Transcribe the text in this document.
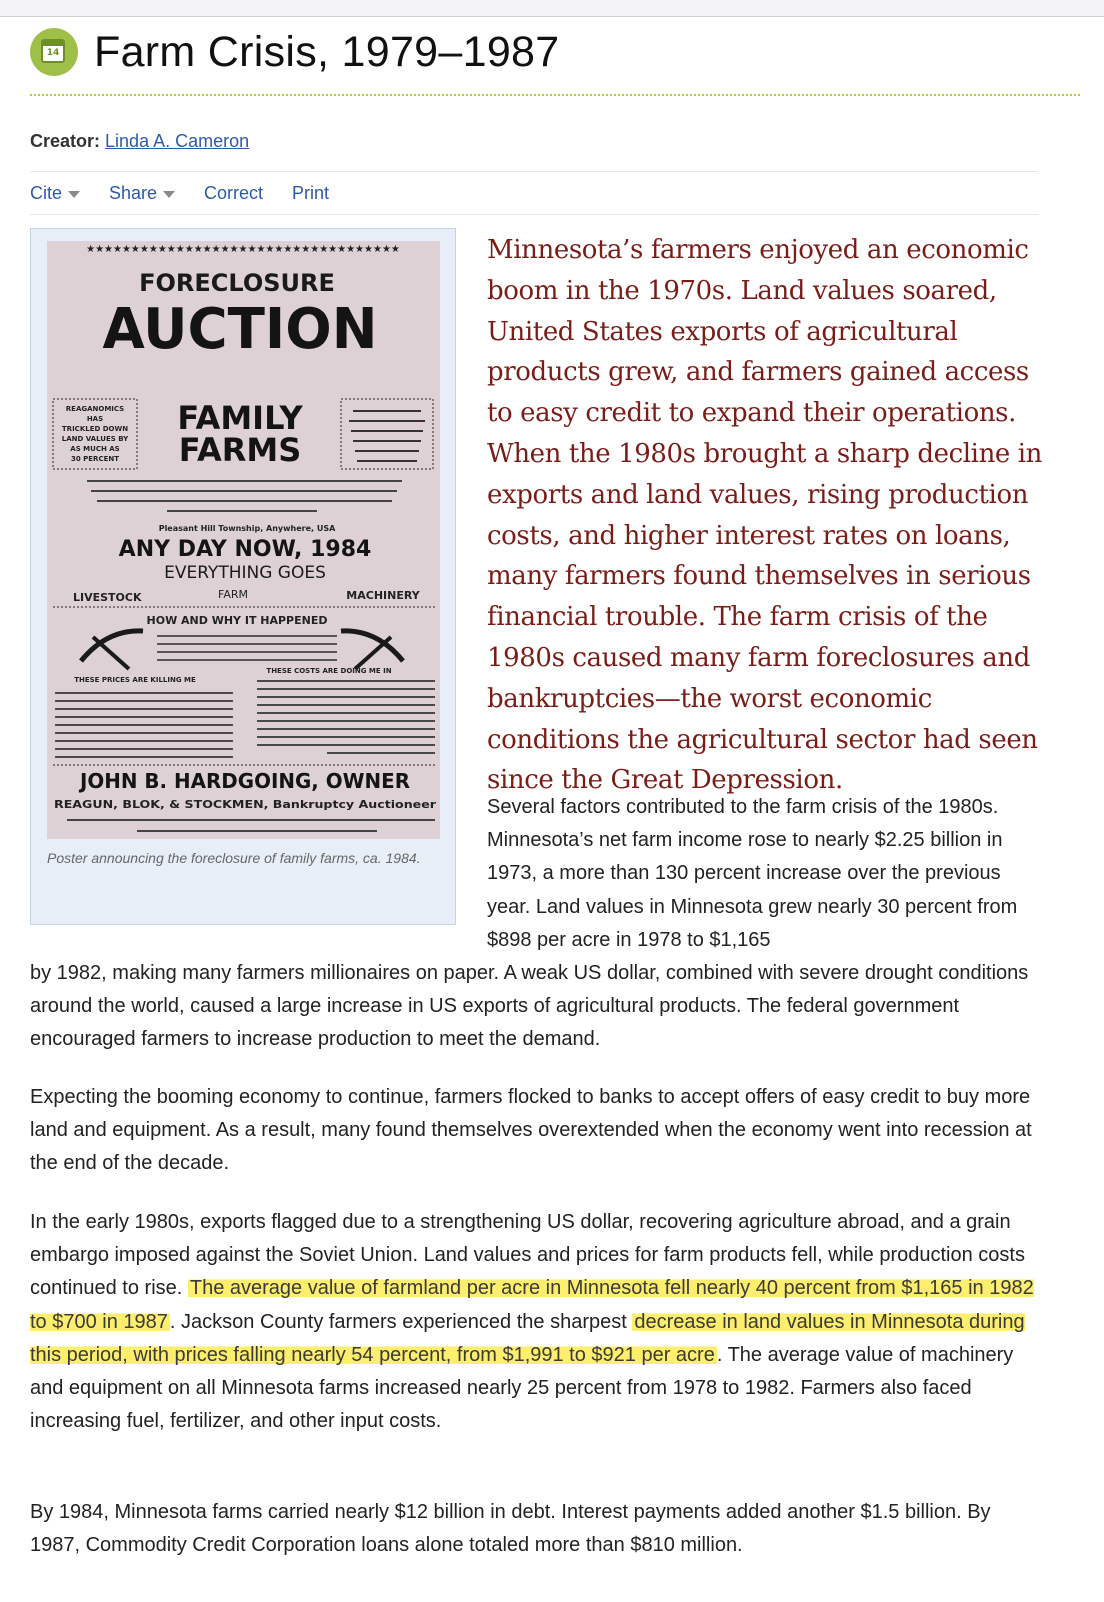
14 Farm Crisis, 1979–1987
Creator: Linda A. Cameron
Cite	Share	Correct Print
★★★★★★★★★★★★★★★★★★★★★★★★★★★★★★★★★★★
FORECLOSURE
AUCTION
REAGANOMICS
HAS
TRICKLED DOWN
LAND VALUES BY
AS MUCH AS
30 PERCENT
FAMILY
FARMS
Pleasant Hill Township, Anywhere, USA
ANY DAY NOW, 1984
EVERYTHING GOES
LIVESTOCK	FARM	MACHINERY
HOW AND WHY IT HAPPENED
THESE COSTS ARE DOING ME IN
THESE PRICES ARE KILLING ME
JOHN B. HARDGOING, OWNER
REAGUN, BLOK, & STOCKMEN, Bankruptcy Auctioneer
Poster announcing the foreclosure of family farms, ca. 1984.
Minnesota’s farmers enjoyed an economic boom in the 1970s. Land values soared, United States exports of agricultural products grew, and farmers gained access to easy credit to expand their operations. When the 1980s brought a sharp decline in exports and land values, rising production costs, and higher interest rates on loans, many farmers found themselves in serious financial trouble. The farm crisis of the 1980s caused many farm foreclosures and bankruptcies—the worst economic conditions the agricultural sector had seen since the Great Depression.
Several factors contributed to the farm crisis of the 1980s. Minnesota’s net farm income rose to nearly $2.25 billion in 1973, a more than 130 percent increase over the previous year. Land values in Minnesota grew nearly 30 percent from $898 per acre in 1978 to $1,165
by 1982, making many farmers millionaires on paper. A weak US dollar, combined with severe drought conditions around the world, caused a large increase in US exports of agricultural products. The federal government encouraged farmers to increase production to meet the demand.
Expecting the booming economy to continue, farmers flocked to banks to accept offers of easy credit to buy more land and equipment. As a result, many found themselves overextended when the economy went into recession at the end of the decade.
In the early 1980s, exports flagged due to a strengthening US dollar, recovering agriculture abroad, and a grain embargo imposed against the Soviet Union. Land values and prices for farm products fell, while production costs continued to rise. The average value of farmland per acre in Minnesota fell nearly 40 percent from $1,165 in 1982 to $700 in 1987 . Jackson County farmers experienced the sharpest decrease in land values in Minnesota during this period, with prices falling nearly 54 percent, from $1,991 to $921 per acre . The average value of machinery and equipment on all Minnesota farms increased nearly 25 percent from 1978 to 1982. Farmers also faced increasing fuel, fertilizer, and other input costs.
By 1984, Minnesota farms carried nearly $12 billion in debt. Interest payments added another $1.5 billion. By 1987, Commodity Credit Corporation loans alone totaled more than $810 million.
